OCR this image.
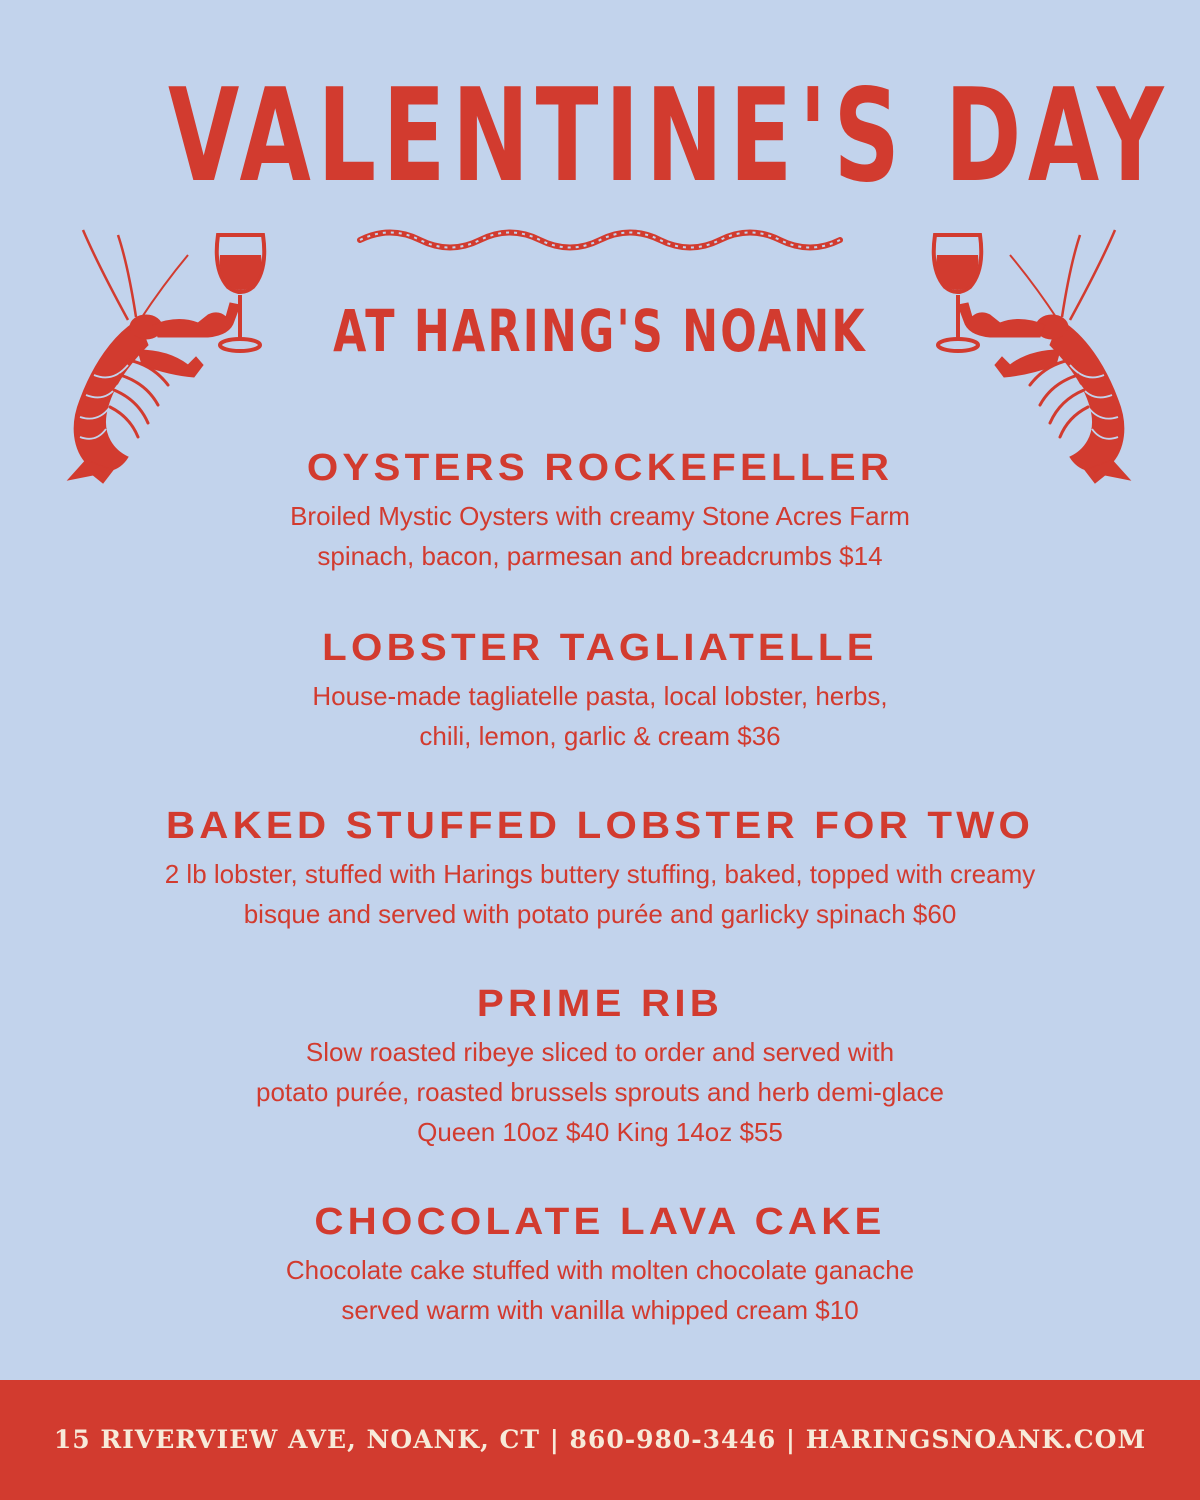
VALENTINE'S DAY
AT HARING'S NOANK
OYSTERS ROCKEFELLER
Broiled Mystic Oysters with creamy Stone Acres Farm
spinach, bacon, parmesan and breadcrumbs $14
LOBSTER TAGLIATELLE
House-made tagliatelle pasta, local lobster, herbs,
chili, lemon, garlic & cream $36
BAKED STUFFED LOBSTER FOR TWO
2 lb lobster, stuffed with Harings buttery stuffing, baked, topped with creamy
bisque and served with potato purée and garlicky spinach $60
PRIME RIB
Slow roasted ribeye sliced to order and served with
potato purée, roasted brussels sprouts and herb demi-glace
Queen 10oz $40 King 14oz $55
CHOCOLATE LAVA CAKE
Chocolate cake stuffed with molten chocolate ganache
served warm with vanilla whipped cream $10
15 RIVERVIEW AVE, NOANK, CT | 860-980-3446 | HARINGSNOANK.COM
